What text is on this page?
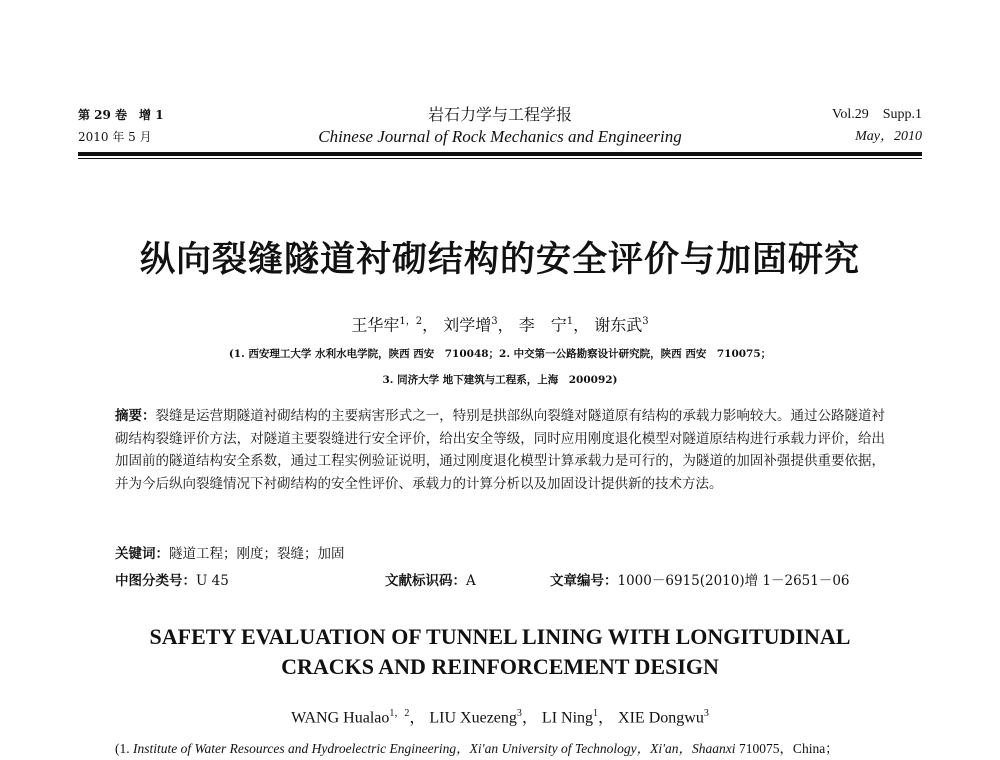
第 29 卷　增 1
2010 年 5 月
岩石力学与工程学报
Chinese Journal of Rock Mechanics and Engineering
Vol.29　Supp.1
May，2010
纵向裂缝隧道衬砌结构的安全评价与加固研究
王华牢$^{1,2}$， 刘学增$^3$， 李　宁$^1$， 谢东武$^3$
(1. 西安理工大学 水利水电学院，陕西 西安　710048；2. 中交第一公路勘察设计研究院，陕西 西安　710075；
3. 同济大学 地下建筑与工程系，上海　200092)
摘要：裂缝是运营期隧道衬砌结构的主要病害形式之一，特别是拱部纵向裂缝对隧道原有结构的承载力影响较大。通过公路隧道衬砌结构裂缝评价方法，对隧道主要裂缝进行安全评价，给出安全等级，同时应用刚度退化模型对隧道原结构进行承载力评价，给出加固前的隧道结构安全系数，通过工程实例验证说明，通过刚度退化模型计算承载力是可行的，为隧道的加固补强提供重要依据，并为今后纵向裂缝情况下衬砌结构的安全性评价、承载力的计算分析以及加固设计提供新的技术方法。
关键词：隧道工程；刚度；裂缝；加固
中图分类号：U 45	文献标识码：A	文章编号：1000－6915(2010)增 1－2651－06
SAFETY EVALUATION OF TUNNEL LINING WITH LONGITUDINAL
CRACKS AND REINFORCEMENT DESIGN
WANG Hualao$^{1,2}$， LIU Xuezeng$^3$， LI Ning$^1$， XIE Dongwu$^3$
(1. Institute of Water Resources and Hydroelectric Engineering，Xi'an University of Technology，Xi'an，Shaanxi 710075，China；
